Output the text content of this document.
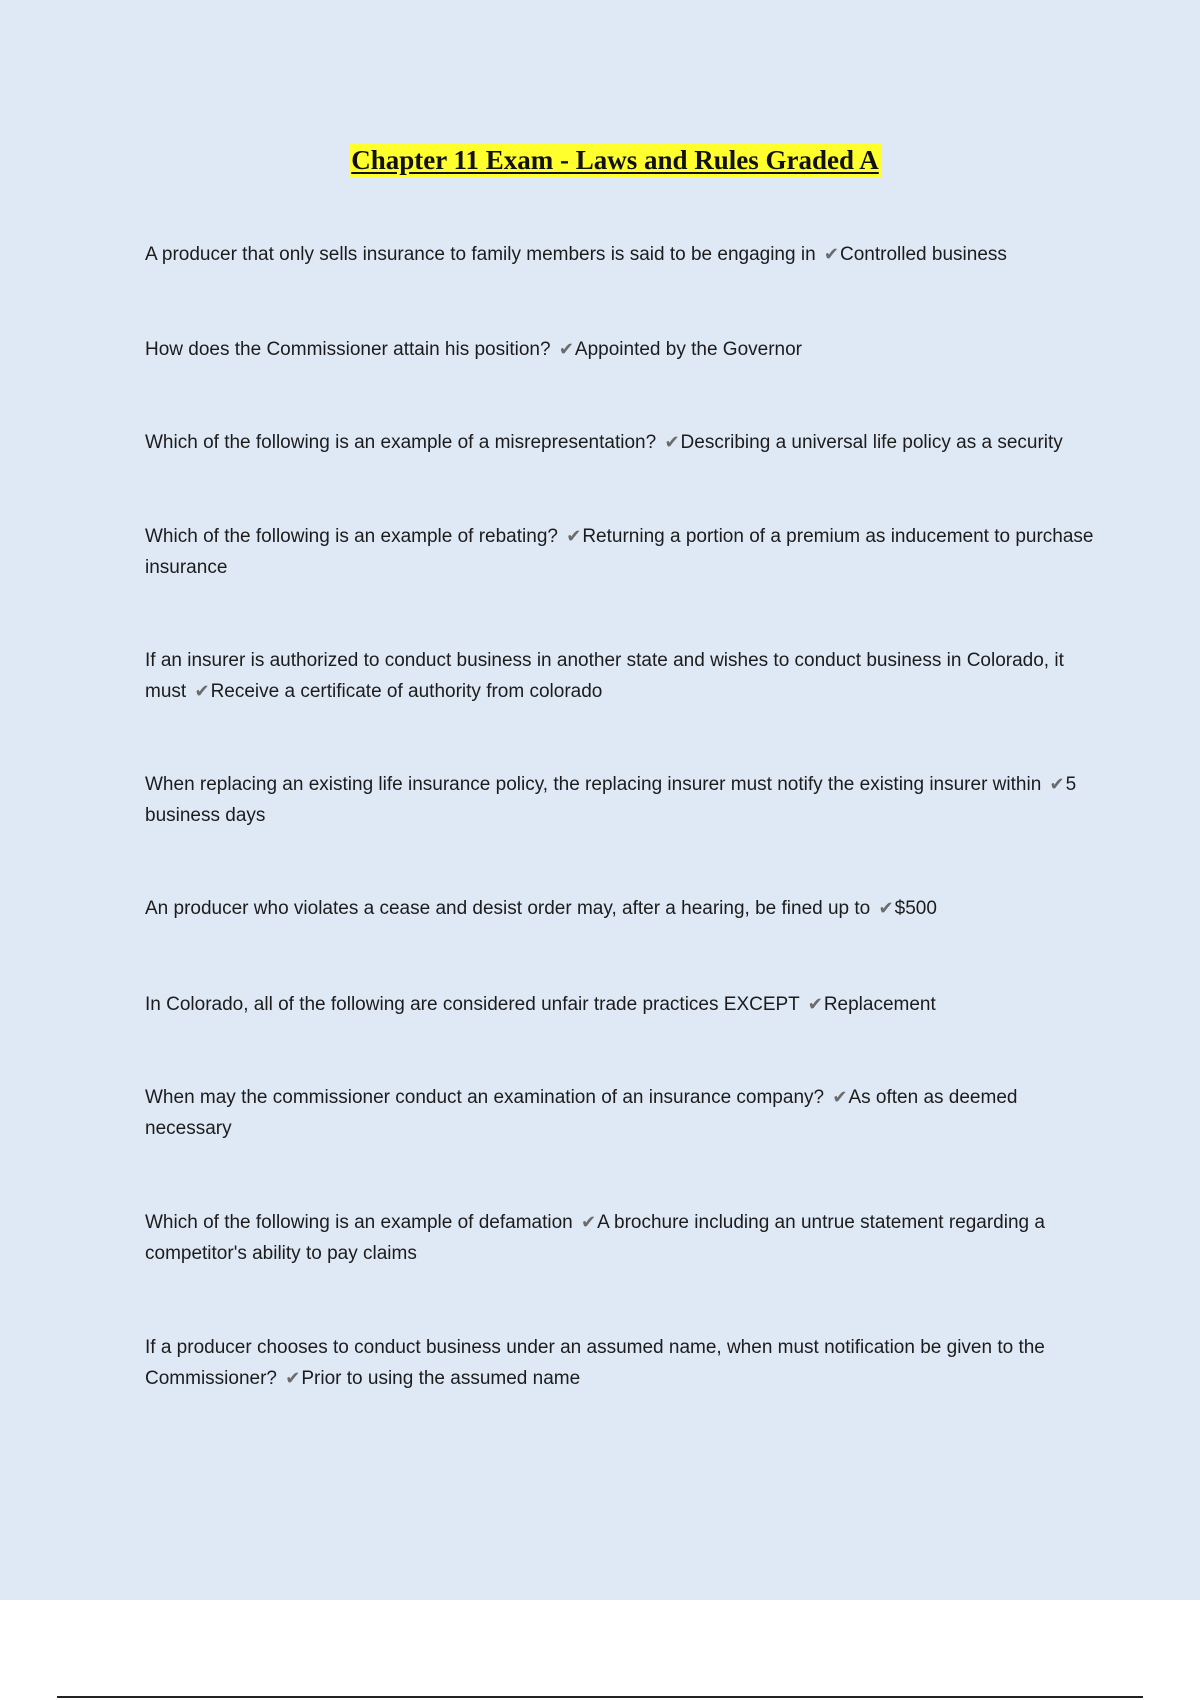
Chapter 11 Exam - Laws and Rules Graded A

A producer that only sells insurance to family members is said to be engaging in ✔Controlled business

How does the Commissioner attain his position? ✔Appointed by the Governor

Which of the following is an example of a misrepresentation? ✔Describing a universal life policy as a security

Which of the following is an example of rebating? ✔Returning a portion of a premium as inducement to purchase insurance

If an insurer is authorized to conduct business in another state and wishes to conduct business in Colorado, it must ✔Receive a certificate of authority from colorado

When replacing an existing life insurance policy, the replacing insurer must notify the existing insurer within ✔5 business days

An producer who violates a cease and desist order may, after a hearing, be fined up to ✔$500

In Colorado, all of the following are considered unfair trade practices EXCEPT ✔Replacement

When may the commissioner conduct an examination of an insurance company? ✔As often as deemed necessary

Which of the following is an example of defamation ✔A brochure including an untrue statement regarding a competitor's ability to pay claims

If a producer chooses to conduct business under an assumed name, when must notification be given to the Commissioner? ✔Prior to using the assumed name
